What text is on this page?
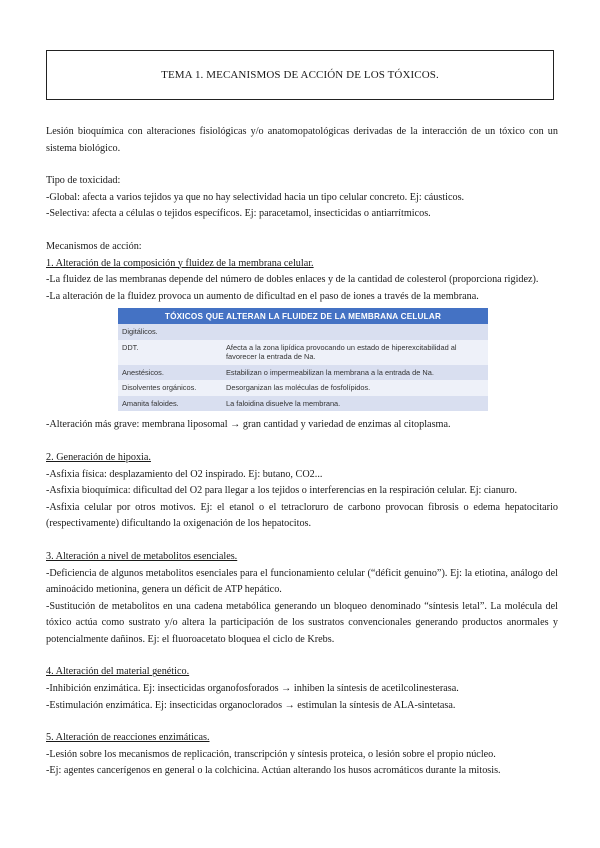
TEMA 1. MECANISMOS DE ACCIÓN DE LOS TÓXICOS.

Lesión bioquímica con alteraciones fisiológicas y/o anatomopatológicas derivadas de la interacción de un tóxico con un sistema biológico.

Tipo de toxicidad:

-Global: afecta a varios tejidos ya que no hay selectividad hacia un tipo celular concreto. Ej: cáusticos.

-Selectiva: afecta a células o tejidos específicos. Ej: paracetamol, insecticidas o antiarrítmicos.

Mecanismos de acción:

1. Alteración de la composición y fluidez de la membrana celular.

-La fluidez de las membranas depende del número de dobles enlaces y de la cantidad de colesterol (proporciona rigidez).

-La alteración de la fluidez provoca un aumento de dificultad en el paso de iones a través de la membrana.

TÓXICOS QUE ALTERAN LA FLUIDEZ DE LA MEMBRANA CELULAR	
Digitálicos.	
DDT.	Afecta a la zona lipídica provocando un estado de hiperexcitabilidad al favorecer la entrada de Na.
Anestésicos.	Estabilizan o impermeabilizan la membrana a la entrada de Na.
Disolventes orgánicos.	Desorganizan las moléculas de fosfolípidos.
Amanita faloides.	La faloidina disuelve la membrana.

-Alteración más grave: membrana liposomal → gran cantidad y variedad de enzimas al citoplasma.

2. Generación de hipoxia.

-Asfixia física: desplazamiento del O2 inspirado. Ej: butano, CO2...

-Asfixia bioquímica: dificultad del O2 para llegar a los tejidos o interferencias en la respiración celular. Ej: cianuro.

-Asfixia celular por otros motivos. Ej: el etanol o el tetracloruro de carbono provocan fibrosis o edema hepatocitario (respectivamente) dificultando la oxigenación de los hepatocitos.

3. Alteración a nivel de metabolitos esenciales.

-Deficiencia de algunos metabolitos esenciales para el funcionamiento celular (“déficit genuino”). Ej: la etiotina, análogo del aminoácido metionina, genera un déficit de ATP hepático.

-Sustitución de metabolitos en una cadena metabólica generando un bloqueo denominado “síntesis letal”. La molécula del tóxico actúa como sustrato y/o altera la participación de los sustratos convencionales generando productos anormales y potencialmente dañinos. Ej: el fluoroacetato bloquea el ciclo de Krebs.

4. Alteración del material genético.

-Inhibición enzimática. Ej: insecticidas organofosforados → inhiben la síntesis de acetilcolinesterasa.

-Estimulación enzimática. Ej: insecticidas organoclorados → estimulan la síntesis de ALA-sintetasa.

5. Alteración de reacciones enzimáticas.

-Lesión sobre los mecanismos de replicación, transcripción y síntesis proteica, o lesión sobre el propio núcleo.

-Ej: agentes cancerígenos en general o la colchicina. Actúan alterando los husos acromáticos durante la mitosis.
